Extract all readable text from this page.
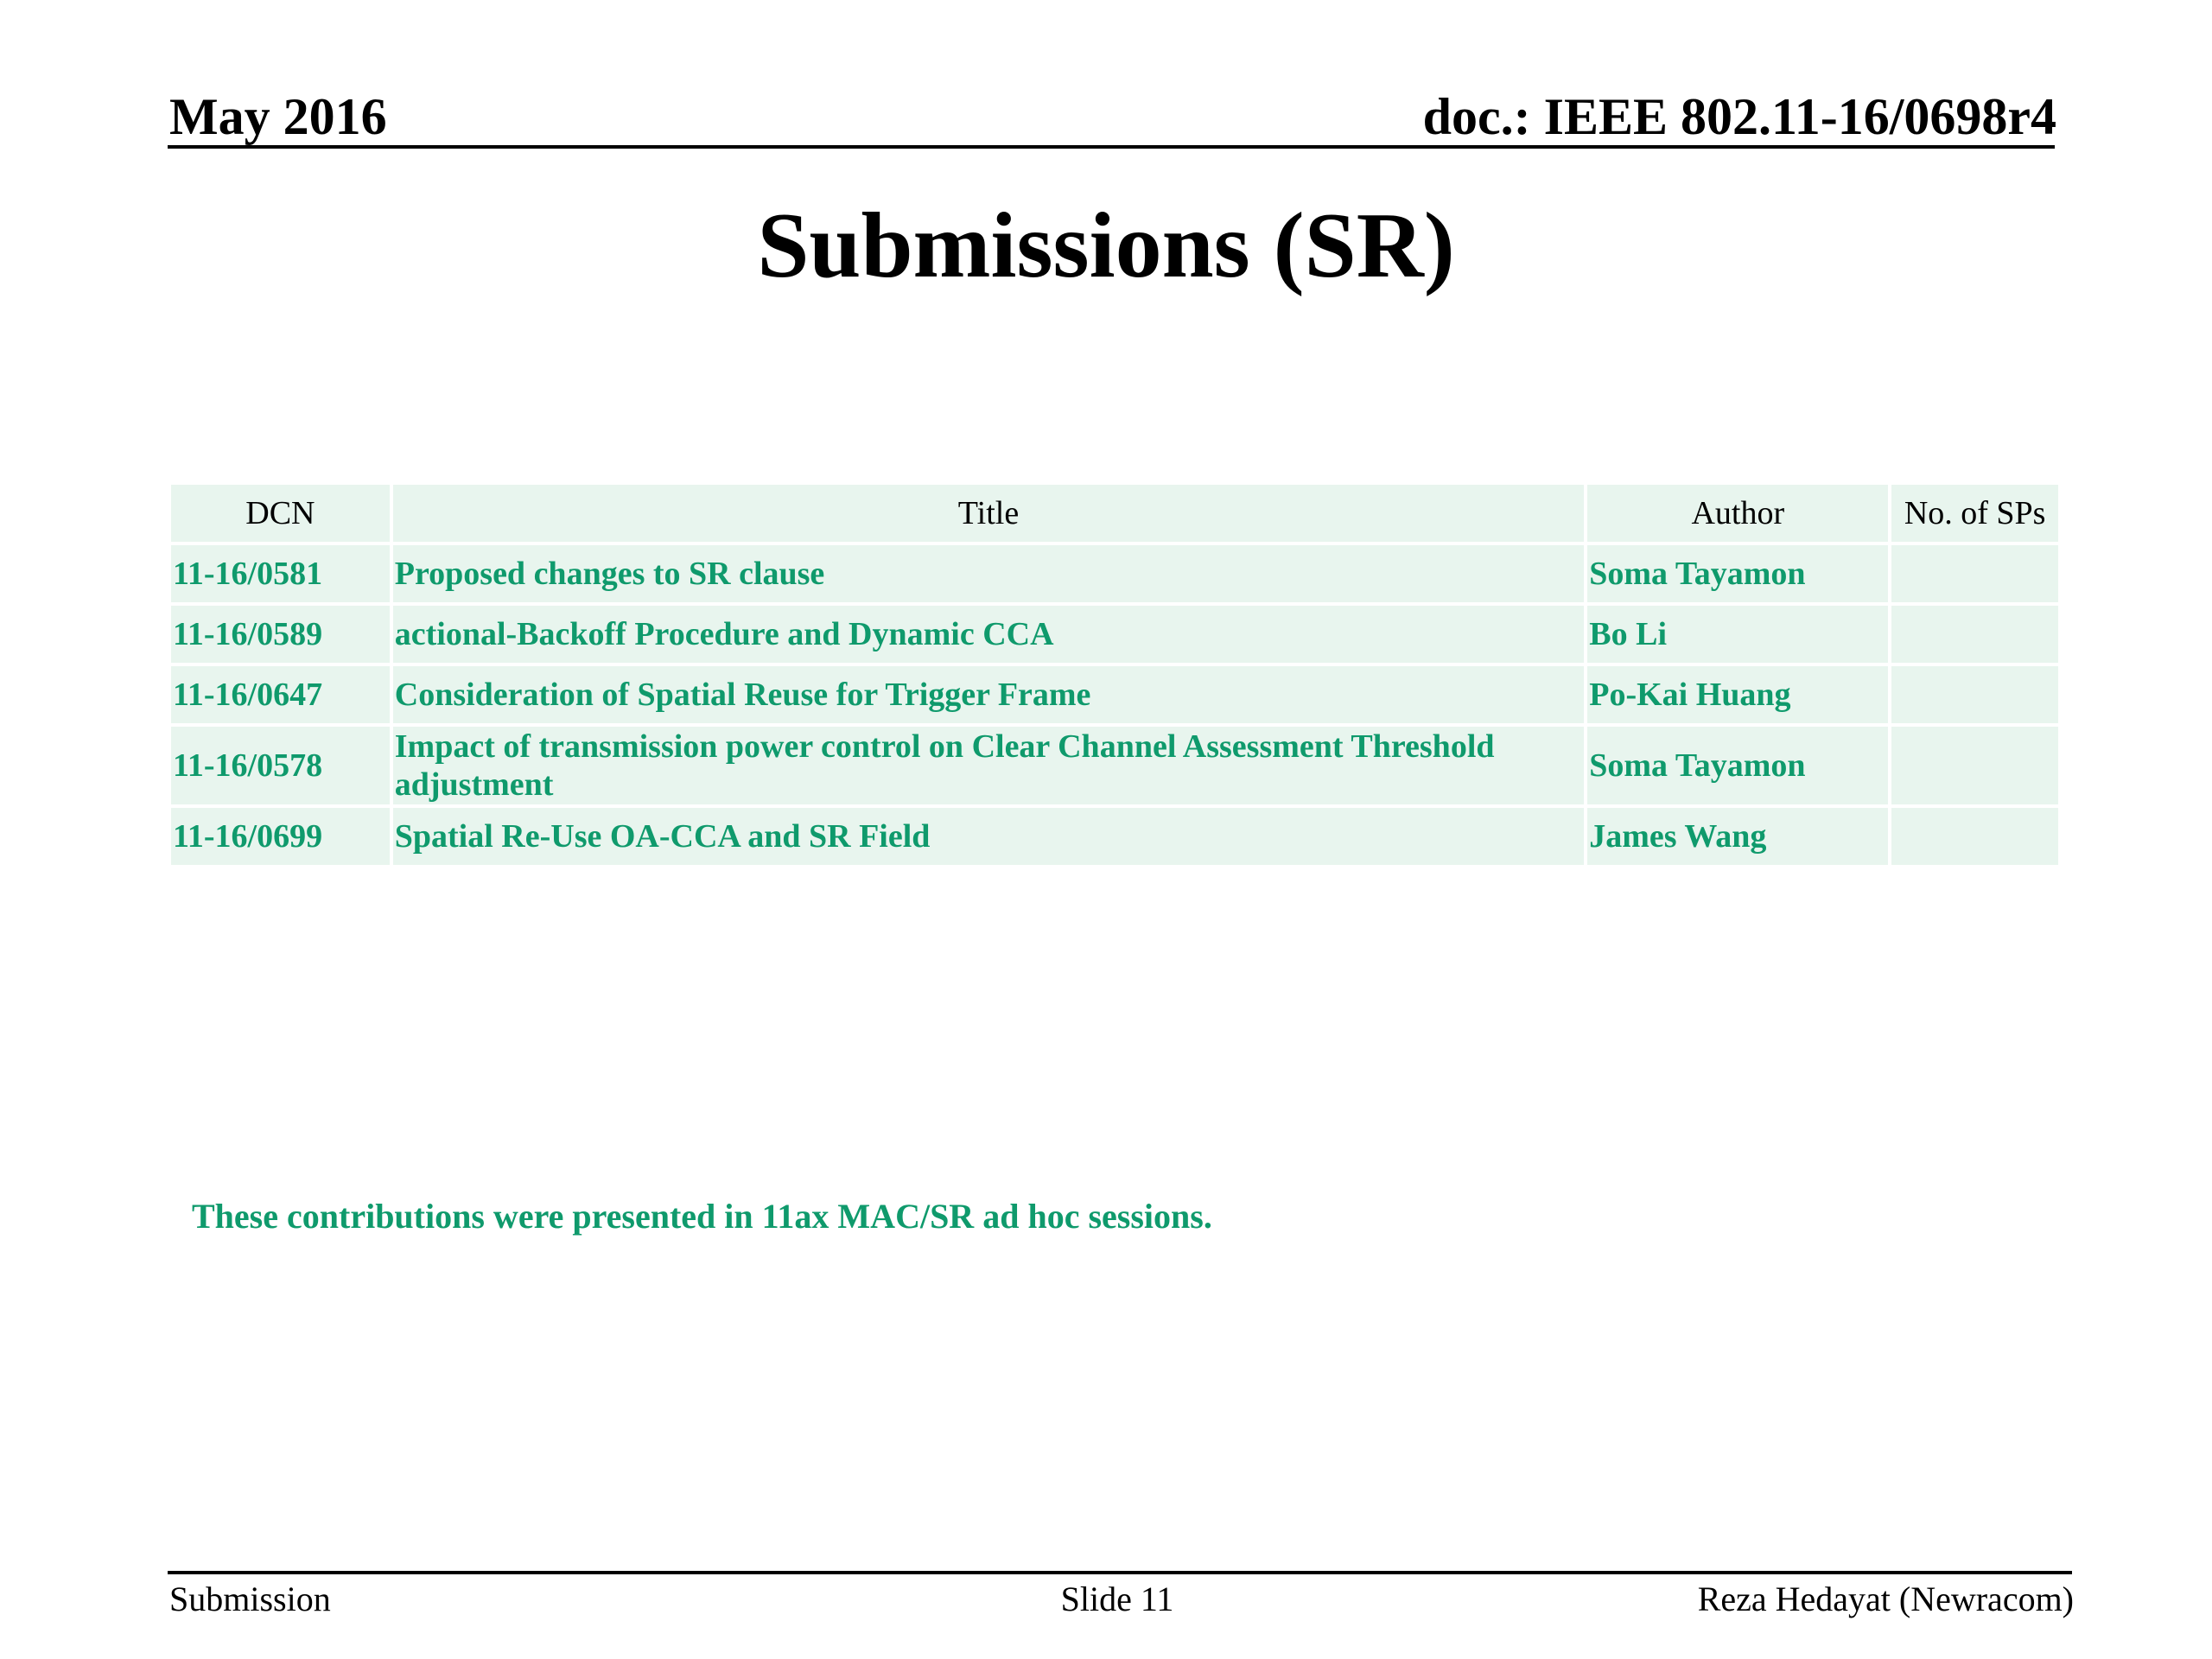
May 2016	doc.: IEEE 802.11-16/0698r4
Submissions (SR)
DCN	Title	Author	No. of SPs
11-16/0581	Proposed changes to SR clause	Soma Tayamon	
11-16/0589	actional-Backoff Procedure and Dynamic CCA	Bo Li	
11-16/0647	Consideration of Spatial Reuse for Trigger Frame	Po-Kai Huang	
11-16/0578	Impact of transmission power control on Clear Channel Assessment Threshold adjustment	Soma Tayamon	
11-16/0699	Spatial Re-Use OA-CCA and SR Field	James Wang	
These contributions were presented in 11ax MAC/SR ad hoc sessions.
Submission	Slide 11	Reza Hedayat (Newracom)
